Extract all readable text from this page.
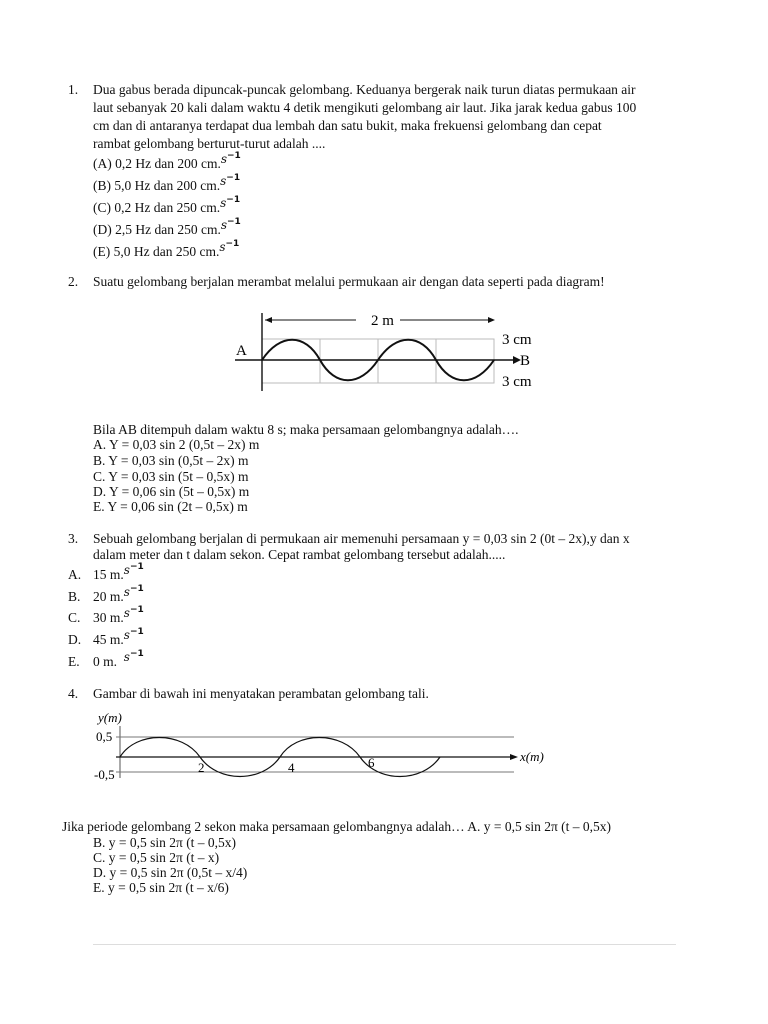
1. Dua gabus berada dipuncak-puncak gelombang. Keduanya bergerak naik turun diatas permukaan air
laut sebanyak 20 kali dalam waktu 4 detik mengikuti gelombang air laut. Jika jarak kedua gabus 100
cm dan di antaranya terdapat dua lembah dan satu bukit, maka frekuensi gelombang dan cepat
rambat gelombang berturut-turut adalah ....
(A) 0,2 Hz dan 200 $cm.s^{-1}$
(B) 5,0 Hz dan 200 $cm.s^{-1}$
(C) 0,2 Hz dan 250 $cm.s^{-1}$
(D) 2,5 Hz dan 250 $cm.s^{-1}$
(E) 5,0 Hz dan 250 $cm.s^{-1}$
2. Suatu gelombang berjalan merambat melalui permukaan air dengan data seperti pada diagram!
2 m
A
B
3 cm
3 cm
Bila AB ditempuh dalam waktu 8 s; maka persamaan gelombangnya adalah….
A. Y = 0,03 sin 2 (0,5t – 2x) m
B. Y = 0,03 sin (0,5t – 2x) m
C. Y = 0,03 sin (5t – 0,5x) m
D. Y = 0,06 sin (5t – 0,5x) m
E. Y = 0,06 sin (2t – 0,5x) m
3. Sebuah gelombang berjalan di permukaan air memenuhi persamaan y = 0,03 sin 2 (0t – 2x),y dan x
dalam meter dan t dalam sekon. Cepat rambat gelombang tersebut adalah.....
A. 15 $m.s^{-1}$
B. 20 $m.s^{-1}$
C. 30 $m.s^{-1}$
D. 45 $m.s^{-1}$
E. 0 m. $s^{-1}$
4. Gambar di bawah ini menyatakan perambatan gelombang tali.
y(m)
0,5
-0,5
x(m)
2	4	6
Jika periode gelombang 2 sekon maka persamaan gelombangnya adalah… A. y = 0,5 sin 2π (t – 0,5x)
B. y = 0,5 sin 2π (t – 0,5x)
C. y = 0,5 sin 2π (t – x)
D. y = 0,5 sin 2π (0,5t – x/4)
E. y = 0,5 sin 2π (t – x/6)
